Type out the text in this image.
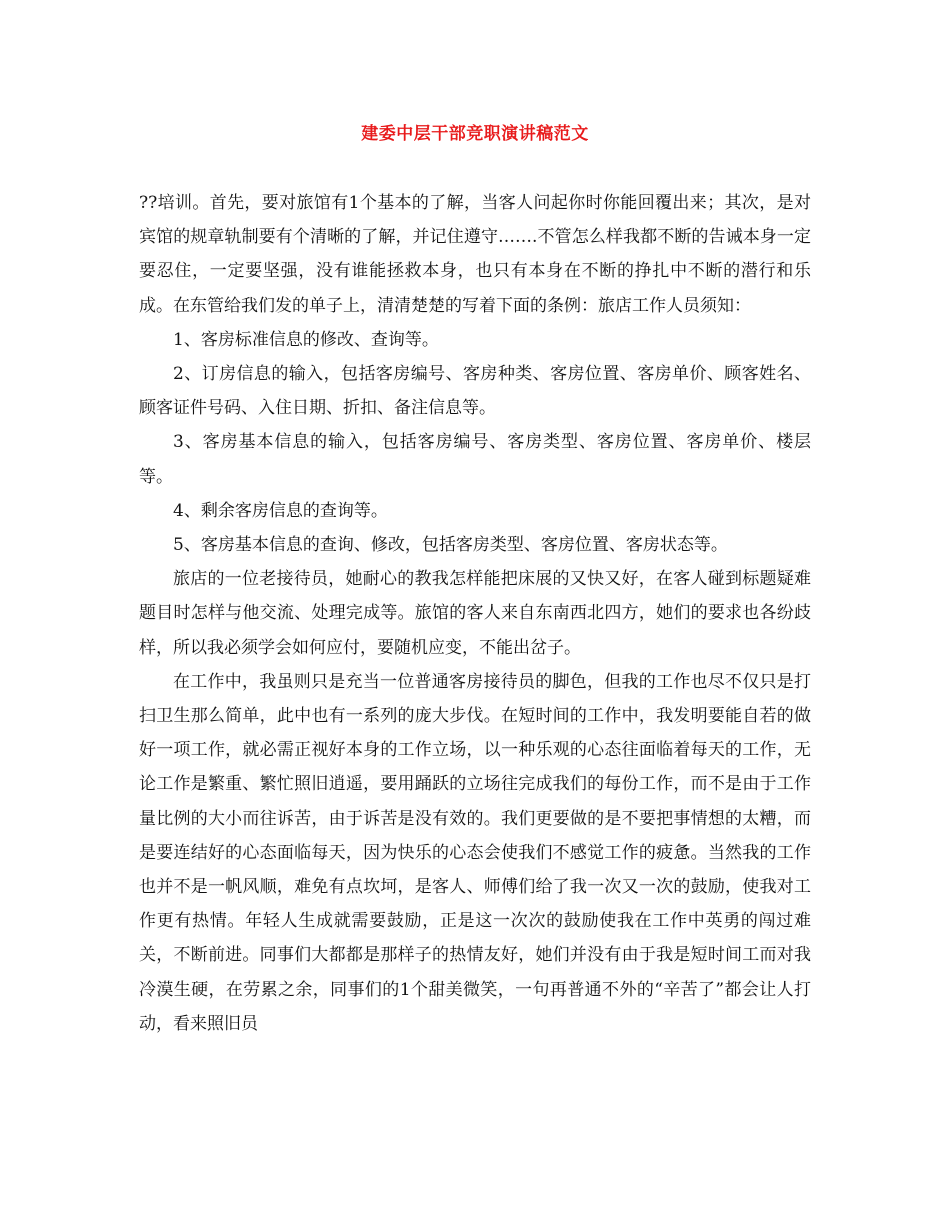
建委中层干部竞职演讲稿范文

??培训。首先，要对旅馆有1个基本的了解，当客人问起你时你能回覆出来；其次，是对宾馆的规章轨制要有个清晰的了解，并记住遵守…….不管怎么样我都不断的告诫本身一定要忍住，一定要坚强，没有谁能拯救本身，也只有本身在不断的挣扎中不断的潜行和乐成。在东管给我们发的单子上，清清楚楚的写着下面的条例：旅店工作人员须知：

1、客房标准信息的修改、查询等。

2、订房信息的输入，包括客房编号、客房种类、客房位置、客房单价、顾客姓名、顾客证件号码、入住日期、折扣、备注信息等。

3、客房基本信息的输入，包括客房编号、客房类型、客房位置、客房单价、楼层等。

4、剩余客房信息的查询等。

5、客房基本信息的查询、修改，包括客房类型、客房位置、客房状态等。

旅店的一位老接待员，她耐心的教我怎样能把床展的又快又好，在客人碰到标题疑难题目时怎样与他交流、处理完成等。旅馆的客人来自东南西北四方，她们的要求也各纷歧样，所以我必须学会如何应付，要随机应变，不能出岔子。

在工作中，我虽则只是充当一位普通客房接待员的脚色，但我的工作也尽不仅只是打扫卫生那么简单，此中也有一系列的庞大步伐。在短时间的工作中，我发明要能自若的做好一项工作，就必需正视好本身的工作立场，以一种乐观的心态往面临着每天的工作，无论工作是繁重、繁忙照旧逍遥，要用踊跃的立场往完成我们的每份工作，而不是由于工作量比例的大小而往诉苦，由于诉苦是没有效的。我们更要做的是不要把事情想的太糟，而是要连结好的心态面临每天，因为快乐的心态会使我们不感觉工作的疲惫。当然我的工作也并不是一帆风顺，难免有点坎坷，是客人、师傅们给了我一次又一次的鼓励，使我对工作更有热情。年轻人生成就需要鼓励，正是这一次次的鼓励使我在工作中英勇的闯过难关，不断前进。同事们大都都是那样子的热情友好，她们并没有由于我是短时间工而对我冷漠生硬，在劳累之余，同事们的1个甜美微笑，一句再普通不外的“辛苦了”都会让人打动，看来照旧员
